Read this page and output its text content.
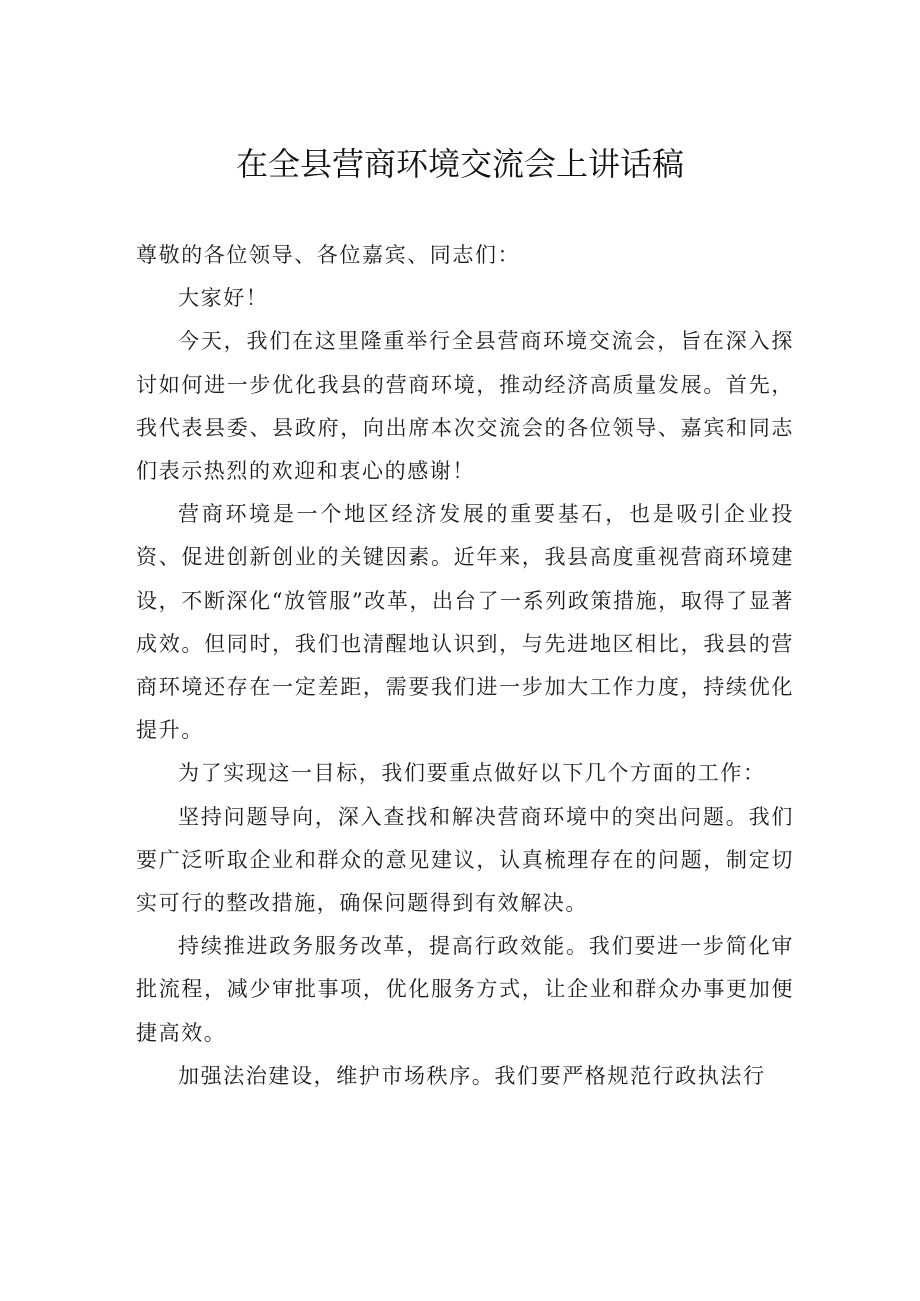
在全县营商环境交流会上讲话稿

尊敬的各位领导、各位嘉宾、同志们：

大家好！

今天，我们在这里隆重举行全县营商环境交流会，旨在深入探讨如何进一步优化我县的营商环境，推动经济高质量发展。首先，我代表县委、县政府，向出席本次交流会的各位领导、嘉宾和同志们表示热烈的欢迎和衷心的感谢！

营商环境是一个地区经济发展的重要基石，也是吸引企业投资、促进创新创业的关键因素。近年来，我县高度重视营商环境建设，不断深化“放管服”改革，出台了一系列政策措施，取得了显著成效。但同时，我们也清醒地认识到，与先进地区相比，我县的营商环境还存在一定差距，需要我们进一步加大工作力度，持续优化提升。

为了实现这一目标，我们要重点做好以下几个方面的工作：

坚持问题导向，深入查找和解决营商环境中的突出问题。我们要广泛听取企业和群众的意见建议，认真梳理存在的问题，制定切实可行的整改措施，确保问题得到有效解决。

持续推进政务服务改革，提高行政效能。我们要进一步简化审批流程，减少审批事项，优化服务方式，让企业和群众办事更加便捷高效。

加强法治建设，维护市场秩序。我们要严格规范行政执法行
